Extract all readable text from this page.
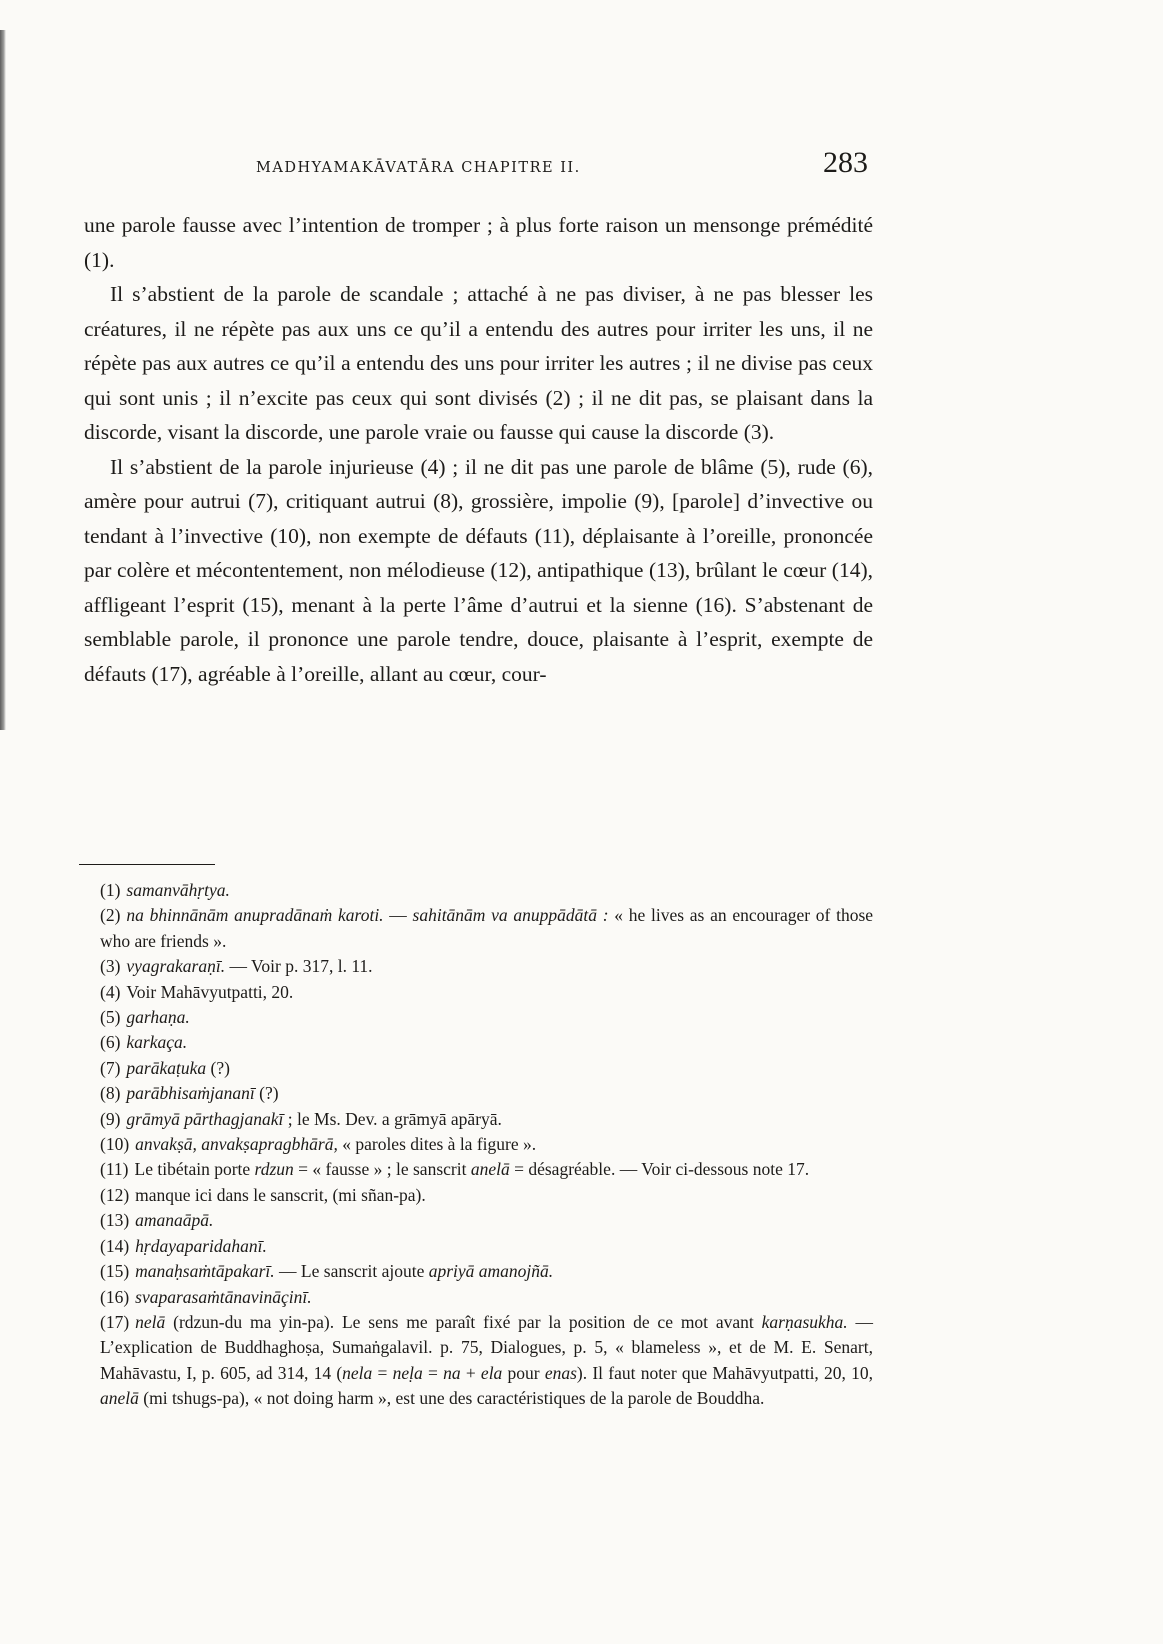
MADHYAMAKĀVATĀRA CHAPITRE II.	283

une parole fausse avec l’intention de tromper ; à plus forte raison un mensonge prémédité (1).

Il s’abstient de la parole de scandale ; attaché à ne pas diviser, à ne pas blesser les créatures, il ne répète pas aux uns ce qu’il a entendu des autres pour irriter les uns, il ne répète pas aux autres ce qu’il a entendu des uns pour irriter les autres ; il ne divise pas ceux qui sont unis ; il n’excite pas ceux qui sont divisés (2) ; il ne dit pas, se plaisant dans la discorde, visant la discorde, une parole vraie ou fausse qui cause la discorde (3).

Il s’abstient de la parole injurieuse (4) ; il ne dit pas une parole de blâme (5), rude (6), amère pour autrui (7), critiquant autrui (8), grossière, impolie (9), [parole] d’invective ou tendant à l’invective (10), non exempte de défauts (11), déplaisante à l’oreille, prononcée par colère et mécontentement, non mélodieuse (12), antipathique (13), brûlant le cœur (14), affligeant l’esprit (15), menant à la perte l’âme d’autrui et la sienne (16). S’abstenant de semblable parole, il prononce une parole tendre, douce, plaisante à l’esprit, exempte de défauts (17), agréable à l’oreille, allant au cœur, cour-

(1) samanvāhṛtya.
(2) na bhinnānām anupradānaṁ karoti. — sahitānām va anuppādātā : « he lives as an encourager of those who are friends ».
(3) vyagrakaraṇī. — Voir p. 317, l. 11.
(4) Voir Mahāvyutpatti, 20.
(5) garhaṇa.
(6) karkaça.
(7) parākaṭuka (?)
(8) parābhisaṁjananī (?)
(9) grāmyā pārthagjanakī ; le Ms. Dev. a grāmyā apāryā.
(10) anvakṣā, anvakṣapragbhārā, « paroles dites à la figure ».
(11) Le tibétain porte rdzun = « fausse » ; le sanscrit anelā = désagréable. — Voir ci-dessous note 17.
(12) manque ici dans le sanscrit, (mi sñan-pa).
(13) amanaāpā.
(14) hṛdayaparidahanī.
(15) manaḥsaṁtāpakarī. — Le sanscrit ajoute apriyā amanojñā.
(16) svaparasaṁtānavināçinī.
(17) nelā (rdzun-du ma yin-pa). Le sens me paraît fixé par la position de ce mot avant karṇasukha. — L’explication de Buddhaghoṣa, Sumaṅgalavil. p. 75, Dialogues, p. 5, « blameless », et de M. E. Senart, Mahāvastu, I, p. 605, ad 314, 14 (nela = neḷa = na + ela pour enas). Il faut noter que Mahāvyutpatti, 20, 10, anelā (mi tshugs-pa), « not doing harm », est une des caractéristiques de la parole de Bouddha.
